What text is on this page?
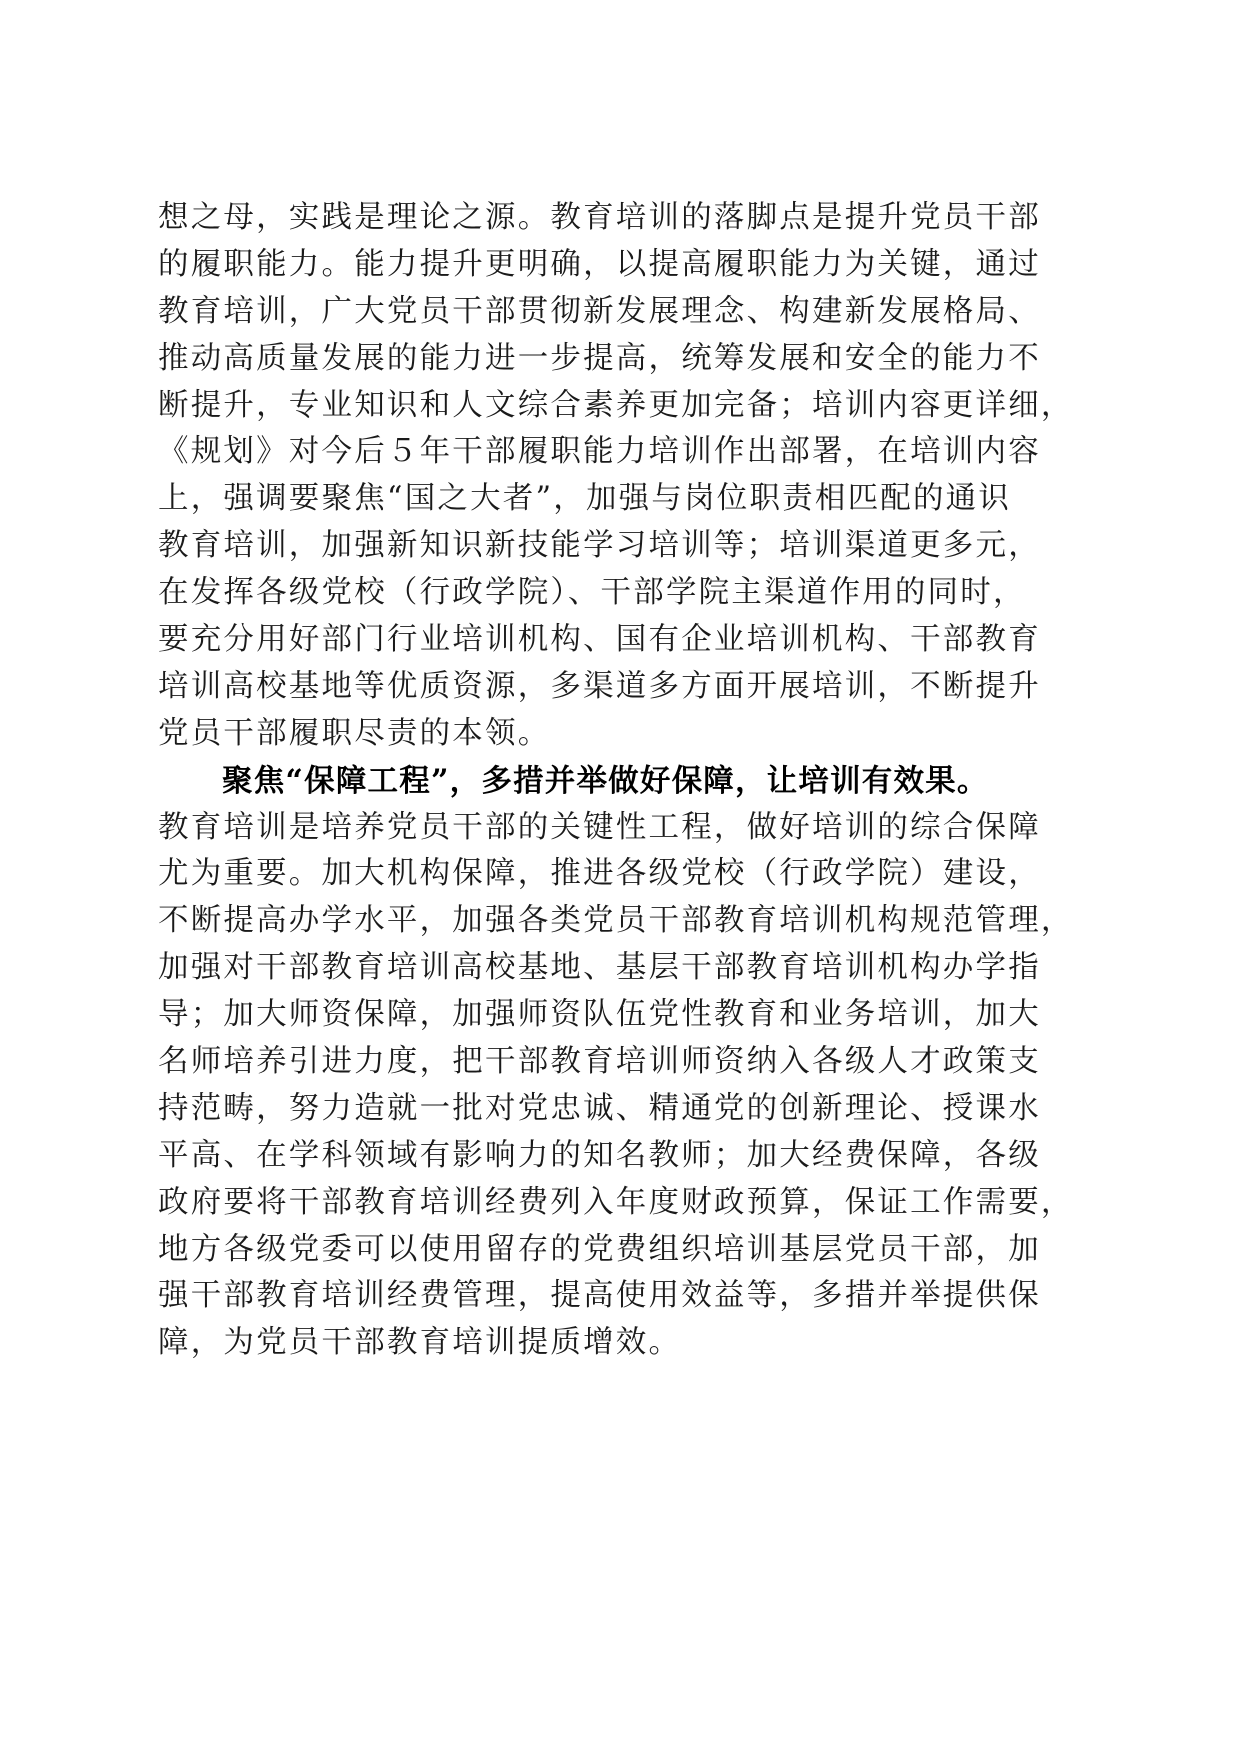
想之母，实践是理论之源。教育培训的落脚点是提升党员干部
的履职能力。能力提升更明确，以提高履职能力为关键，通过
教育培训，广大党员干部贯彻新发展理念、构建新发展格局、
推动高质量发展的能力进一步提高，统筹发展和安全的能力不
断提升，专业知识和人文综合素养更加完备；培训内容更详细，
《规划》对今后５年干部履职能力培训作出部署，在培训内容
上，强调要聚焦“国之大者”，加强与岗位职责相匹配的通识
教育培训，加强新知识新技能学习培训等；培训渠道更多元，
在发挥各级党校（行政学院）、干部学院主渠道作用的同时，
要充分用好部门行业培训机构、国有企业培训机构、干部教育
培训高校基地等优质资源，多渠道多方面开展培训，不断提升
党员干部履职尽责的本领。
聚焦“保障工程”，多措并举做好保障，让培训有效果。
教育培训是培养党员干部的关键性工程，做好培训的综合保障
尤为重要。加大机构保障，推进各级党校（行政学院）建设，
不断提高办学水平，加强各类党员干部教育培训机构规范管理，
加强对干部教育培训高校基地、基层干部教育培训机构办学指
导；加大师资保障，加强师资队伍党性教育和业务培训，加大
名师培养引进力度，把干部教育培训师资纳入各级人才政策支
持范畴，努力造就一批对党忠诚、精通党的创新理论、授课水
平高、在学科领域有影响力的知名教师；加大经费保障，各级
政府要将干部教育培训经费列入年度财政预算，保证工作需要，
地方各级党委可以使用留存的党费组织培训基层党员干部，加
强干部教育培训经费管理，提高使用效益等，多措并举提供保
障，为党员干部教育培训提质增效。
